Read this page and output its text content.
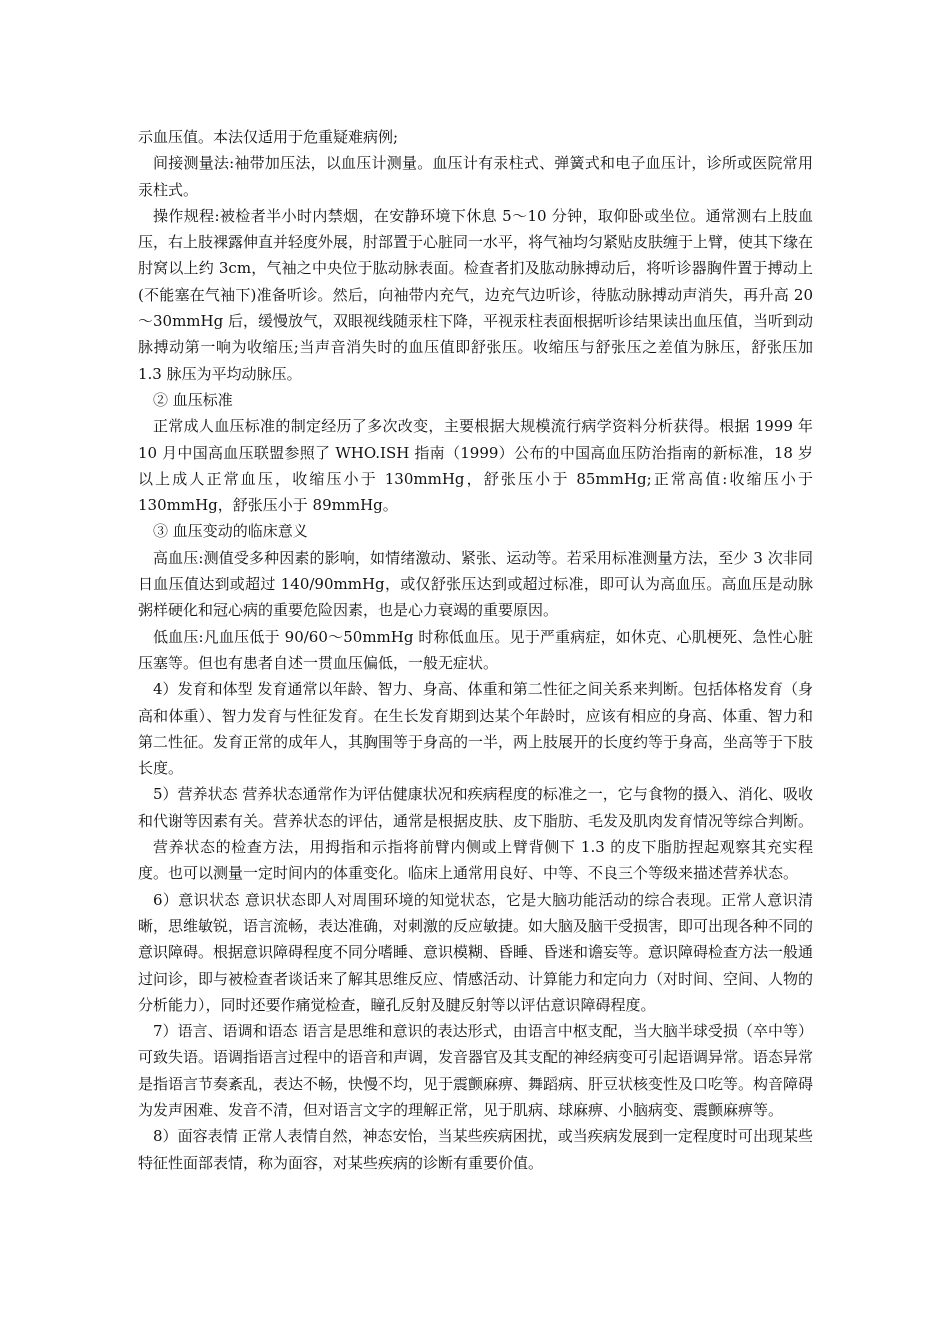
示血压值。本法仅适用于危重疑难病例;

间接测量法:袖带加压法，以血压计测量。血压计有汞柱式、弹簧式和电子血压计，诊所或医院常用汞柱式。

操作规程:被检者半小时内禁烟，在安静环境下休息 5～10 分钟，取仰卧或坐位。通常测右上肢血压，右上肢裸露伸直并轻度外展，肘部置于心脏同一水平，将气袖均匀紧贴皮肤缠于上臂，使其下缘在肘窝以上约 3cm，气袖之中央位于肱动脉表面。检查者扪及肱动脉搏动后，将听诊器胸件置于搏动上(不能塞在气袖下)准备听诊。然后，向袖带内充气，边充气边听诊，待肱动脉搏动声消失，再升高 20～30mmHg 后，缓慢放气，双眼视线随汞柱下降，平视汞柱表面根据听诊结果读出血压值，当听到动脉搏动第一响为收缩压;当声音消失时的血压值即舒张压。收缩压与舒张压之差值为脉压，舒张压加 1.3 脉压为平均动脉压。

② 血压标准

正常成人血压标准的制定经历了多次改变，主要根据大规模流行病学资料分析获得。根据 1999 年 10 月中国高血压联盟参照了 WHO.ISH 指南（1999）公布的中国高血压防治指南的新标准，18 岁以上成人正常血压，收缩压小于 130mmHg，舒张压小于 85mmHg;正常高值:收缩压小于 130mmHg，舒张压小于 89mmHg。

③ 血压变动的临床意义

高血压:测值受多种因素的影响，如情绪激动、紧张、运动等。若采用标准测量方法，至少 3 次非同日血压值达到或超过 140/90mmHg，或仅舒张压达到或超过标准，即可认为高血压。高血压是动脉粥样硬化和冠心病的重要危险因素，也是心力衰竭的重要原因。

低血压:凡血压低于 90/60～50mmHg 时称低血压。见于严重病症，如休克、心肌梗死、急性心脏压塞等。但也有患者自述一贯血压偏低，一般无症状。

4）发育和体型 发育通常以年龄、智力、身高、体重和第二性征之间关系来判断。包括体格发育（身高和体重）、智力发育与性征发育。在生长发育期到达某个年龄时，应该有相应的身高、体重、智力和第二性征。发育正常的成年人，其胸围等于身高的一半，两上肢展开的长度约等于身高，坐高等于下肢长度。

5）营养状态 营养状态通常作为评估健康状况和疾病程度的标准之一，它与食物的摄入、消化、吸收和代谢等因素有关。营养状态的评估，通常是根据皮肤、皮下脂肪、毛发及肌肉发育情况等综合判断。

营养状态的检查方法，用拇指和示指将前臂内侧或上臂背侧下 1.3 的皮下脂肪捏起观察其充实程度。也可以测量一定时间内的体重变化。临床上通常用良好、中等、不良三个等级来描述营养状态。

6）意识状态 意识状态即人对周围环境的知觉状态，它是大脑功能活动的综合表现。正常人意识清晰，思维敏锐，语言流畅，表达准确，对刺激的反应敏捷。如大脑及脑干受损害，即可出现各种不同的意识障碍。根据意识障碍程度不同分嗜睡、意识模糊、昏睡、昏迷和谵妄等。意识障碍检查方法一般通过问诊，即与被检查者谈话来了解其思维反应、情感活动、计算能力和定向力（对时间、空间、人物的分析能力），同时还要作痛觉检查，瞳孔反射及腱反射等以评估意识障碍程度。

7）语言、语调和语态 语言是思维和意识的表达形式，由语言中枢支配，当大脑半球受损（卒中等）可致失语。语调指语言过程中的语音和声调，发音器官及其支配的神经病变可引起语调异常。语态异常是指语言节奏紊乱，表达不畅，快慢不均，见于震颤麻痹、舞蹈病、肝豆状核变性及口吃等。构音障碍为发声困难、发音不清，但对语言文字的理解正常，见于肌病、球麻痹、小脑病变、震颤麻痹等。

8）面容表情 正常人表情自然，神态安怡，当某些疾病困扰，或当疾病发展到一定程度时可出现某些特征性面部表情，称为面容，对某些疾病的诊断有重要价值。
